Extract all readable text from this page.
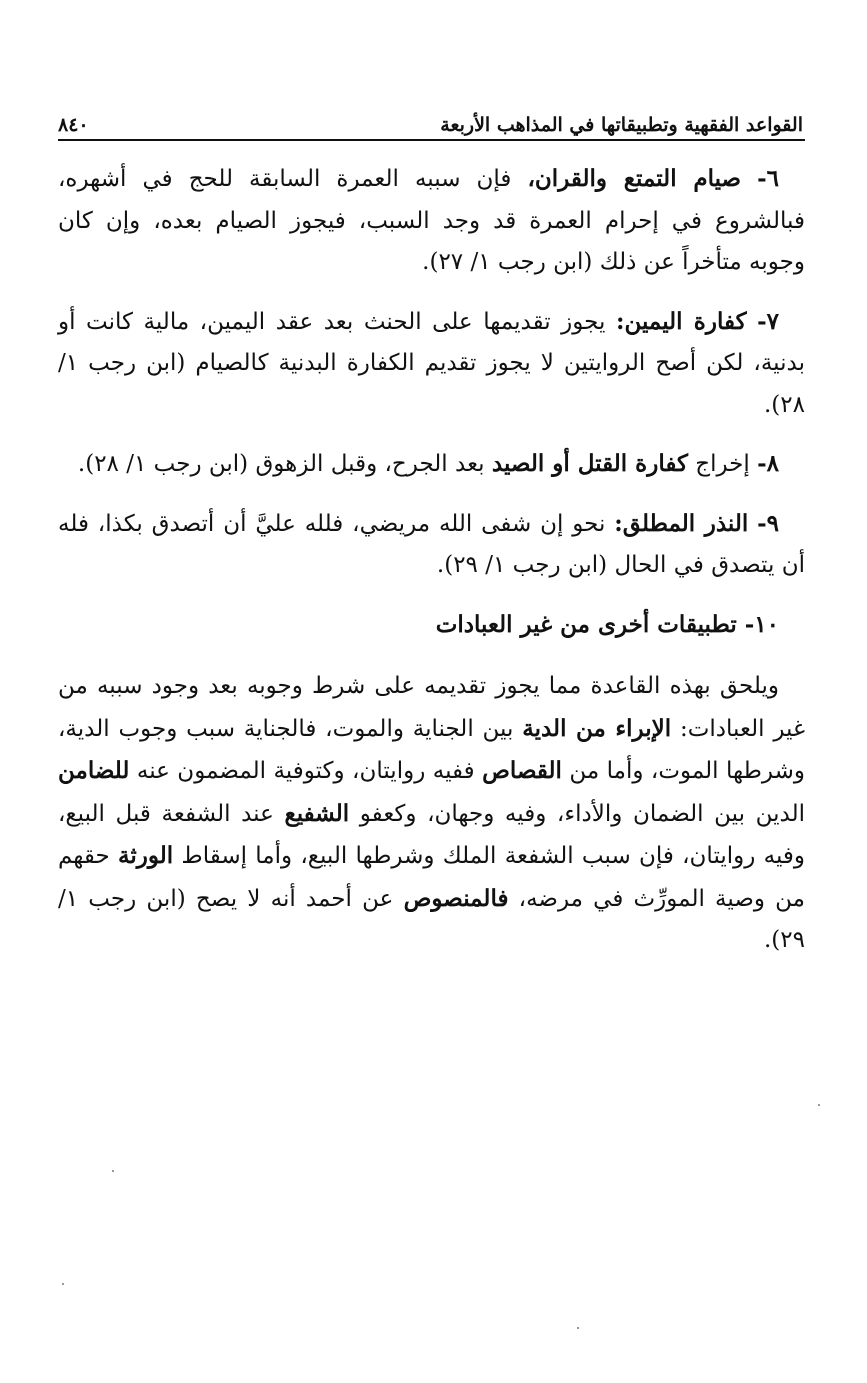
القواعد الفقهية وتطبيقاتها في المذاهب الأربعة
٨٤٠

٦- صيام التمتع والقران، فإن سببه العمرة السابقة للحج في أشهره، فبالشروع في إحرام العمرة قد وجد السبب، فيجوز الصيام بعده، وإن كان وجوبه متأخراً عن ذلك (ابن رجب ١/ ٢٧).

٧- كفارة اليمين: يجوز تقديمها على الحنث بعد عقد اليمين، مالية كانت أو بدنية، لكن أصح الروايتين لا يجوز تقديم الكفارة البدنية كالصيام (ابن رجب ١/ ٢٨).

٨- إخراج كفارة القتل أو الصيد بعد الجرح، وقبل الزهوق (ابن رجب ١/ ٢٨).

٩- النذر المطلق: نحو إن شفى الله مريضي، فلله عليَّ أن أتصدق بكذا، فله أن يتصدق في الحال (ابن رجب ١/ ٢٩).

١٠- تطبيقات أخرى من غير العبادات

ويلحق بهذه القاعدة مما يجوز تقديمه على شرط وجوبه بعد وجود سببه من غير العبادات: الإبراء من الدية بين الجناية والموت، فالجناية سبب وجوب الدية، وشرطها الموت، وأما من القصاص ففيه روايتان، وكتوفية المضمون عنه للضامن الدين بين الضمان والأداء، وفيه وجهان، وكعفو الشفيع عند الشفعة قبل البيع، وفيه روايتان، فإن سبب الشفعة الملك وشرطها البيع، وأما إسقاط الورثة حقهم من وصية المورِّث في مرضه، فالمنصوص عن أحمد أنه لا يصح (ابن رجب ١/ ٢٩).
